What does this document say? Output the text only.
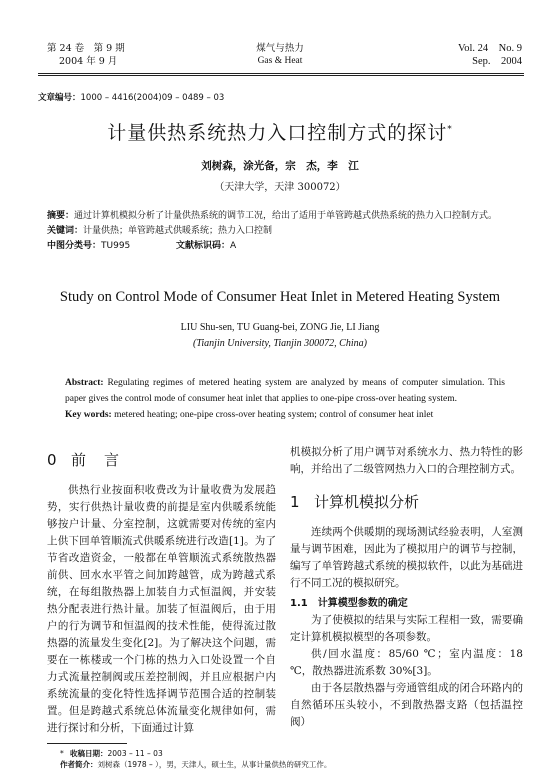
第 24 卷　第 9 期
2004 年 9 月
煤气与热力
Gas & Heat
Vol. 24　No. 9
Sep.　2004
文章编号：1000 – 4416(2004)09 – 0489 – 03
计量供热系统热力入口控制方式的探讨*
刘树森，涂光备，宗　杰，李　江
（天津大学，天津 300072）
摘要：通过计算机模拟分析了计量供热系统的调节工况，给出了适用于单管跨越式供热系统的热力入口控制方式。
关键词：计量供热；单管跨越式供暖系统；热力入口控制
中图分类号：TU995	文献标识码：A
Study on Control Mode of Consumer Heat Inlet in Metered Heating System
LIU Shu-sen, TU Guang-bei, ZONG Jie, LI Jiang
(Tianjin University, Tianjin 300072, China)
Abstract: Regulating regimes of metered heating system are analyzed by means of computer simulation. This paper gives the control mode of consumer heat inlet that applies to one-pipe cross-over heating system.
Key words: metered heating; one-pipe cross-over heating system; control of consumer heat inlet
0 前言
供热行业按面积收费改为计量收费为发展趋势，实行供热计量收费的前提是室内供暖系统能够按户计量、分室控制，这就需要对传统的室内上供下回单管顺流式供暖系统进行改造[1]。为了节省改造资金，一般都在单管顺流式系统散热器前供、回水水平管之间加跨越管，成为跨越式系统，在每组散热器上加装自力式恒温阀，并安装热分配表进行热计量。加装了恒温阀后，由于用户的行为调节和恒温阀的技术性能，使得流过散热器的流量发生变化[2]。为了解决这个问题，需要在一栋楼或一个门栋的热力入口处设置一个自力式流量控制阀或压差控制阀，并且应根据户内系统流量的变化特性选择调节范围合适的控制装置。但是跨越式系统总体流量变化规律如何，需进行探讨和分析，下面通过计算
机模拟分析了用户调节对系统水力、热力特性的影响，并给出了二级管网热力入口的合理控制方式。
1 计算机模拟分析
连续两个供暖期的现场测试经验表明，人室测量与调节困难，因此为了模拟用户的调节与控制，编写了单管跨越式系统的模拟软件，以此为基础进行不同工况的模拟研究。
1.1　 计算模型参数的确定
为了使模拟的结果与实际工程相一致，需要确定计算机模拟模型的各项参数。
供/回水温度：85/60 ℃；室内温度：18 ℃，散热器进流系数 30%[3]。
由于各层散热器与旁通管组成的闭合环路内的自然循环压头较小，不到散热器支路（包括温控阀）
* 收稿日期：2003 – 11 – 03
作者简介：刘树森（1978 – ），男，天津人，硕士生，从事计量供热的研究工作。
